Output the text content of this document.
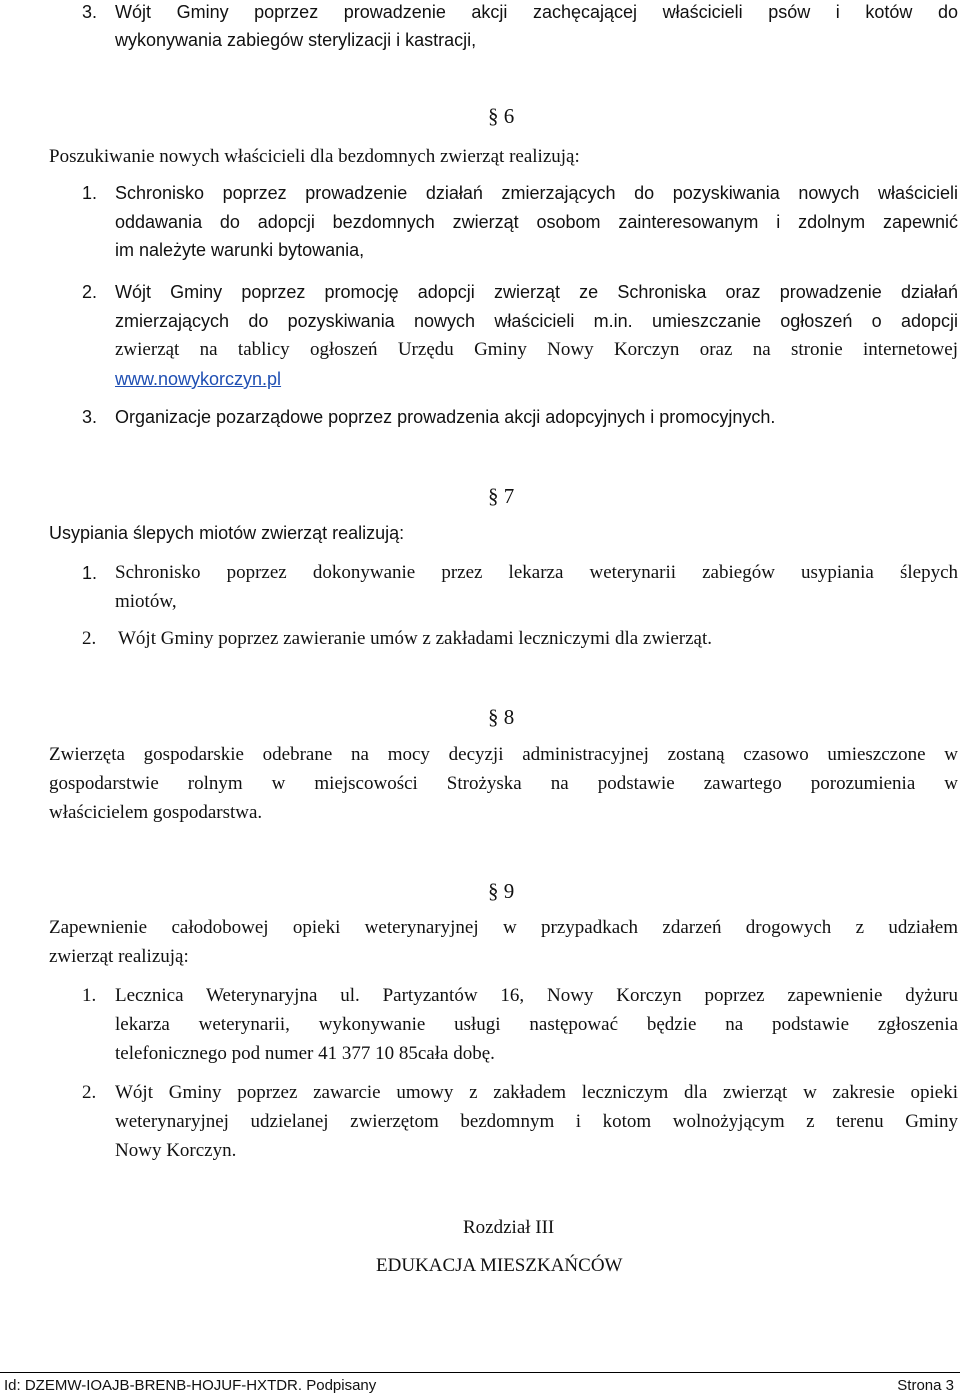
3. Wójt Gminy poprzez prowadzenie akcji zachęcającej właścicieli psów i kotów do
wykonywania zabiegów sterylizacji i kastracji,
§ 6
Poszukiwanie nowych właścicieli dla bezdomnych zwierząt realizują:
1. Schronisko poprzez prowadzenie działań zmierzających do pozyskiwania nowych właścicieli
oddawania do adopcji bezdomnych zwierząt osobom zainteresowanym i zdolnym zapewnić
im należyte warunki bytowania,
2. Wójt Gminy poprzez promocję adopcji zwierząt ze Schroniska oraz prowadzenie działań
zmierzających do pozyskiwania nowych właścicieli m.in. umieszczanie ogłoszeń o adopcji
zwierząt na tablicy ogłoszeń Urzędu Gminy Nowy Korczyn oraz na stronie internetowej
www.nowykorczyn.pl
3. Organizacje pozarządowe poprzez prowadzenia akcji adopcyjnych i promocyjnych.
§ 7
Usypiania ślepych miotów zwierząt realizują:
1. Schronisko poprzez dokonywanie przez lekarza weterynarii zabiegów usypiania ślepych
miotów,
2. Wójt Gminy poprzez zawieranie umów z zakładami leczniczymi dla zwierząt.
§ 8
Zwierzęta gospodarskie odebrane na mocy decyzji administracyjnej zostaną czasowo umieszczone w
gospodarstwie rolnym w miejscowości Strożyska na podstawie zawartego porozumienia w
właścicielem gospodarstwa.
§ 9
Zapewnienie całodobowej opieki weterynaryjnej w przypadkach zdarzeń drogowych z udziałem
zwierząt realizują:
1. Lecznica Weterynaryjna ul. Partyzantów 16, Nowy Korczyn poprzez zapewnienie dyżuru
lekarza weterynarii, wykonywanie usługi następować będzie na podstawie zgłoszenia
telefonicznego pod numer 41 377 10 85cała dobę.
2. Wójt Gminy poprzez zawarcie umowy z zakładem leczniczym dla zwierząt w zakresie opieki
weterynaryjnej udzielanej zwierzętom bezdomnym i kotom wolnożyjącym z terenu Gminy
Nowy Korczyn.
Rozdział III
EDUKACJA MIESZKAŃCÓW
Id: DZEMW-IOAJB-BRENB-HOJUF-HXTDR. Podpisany	Strona 3
